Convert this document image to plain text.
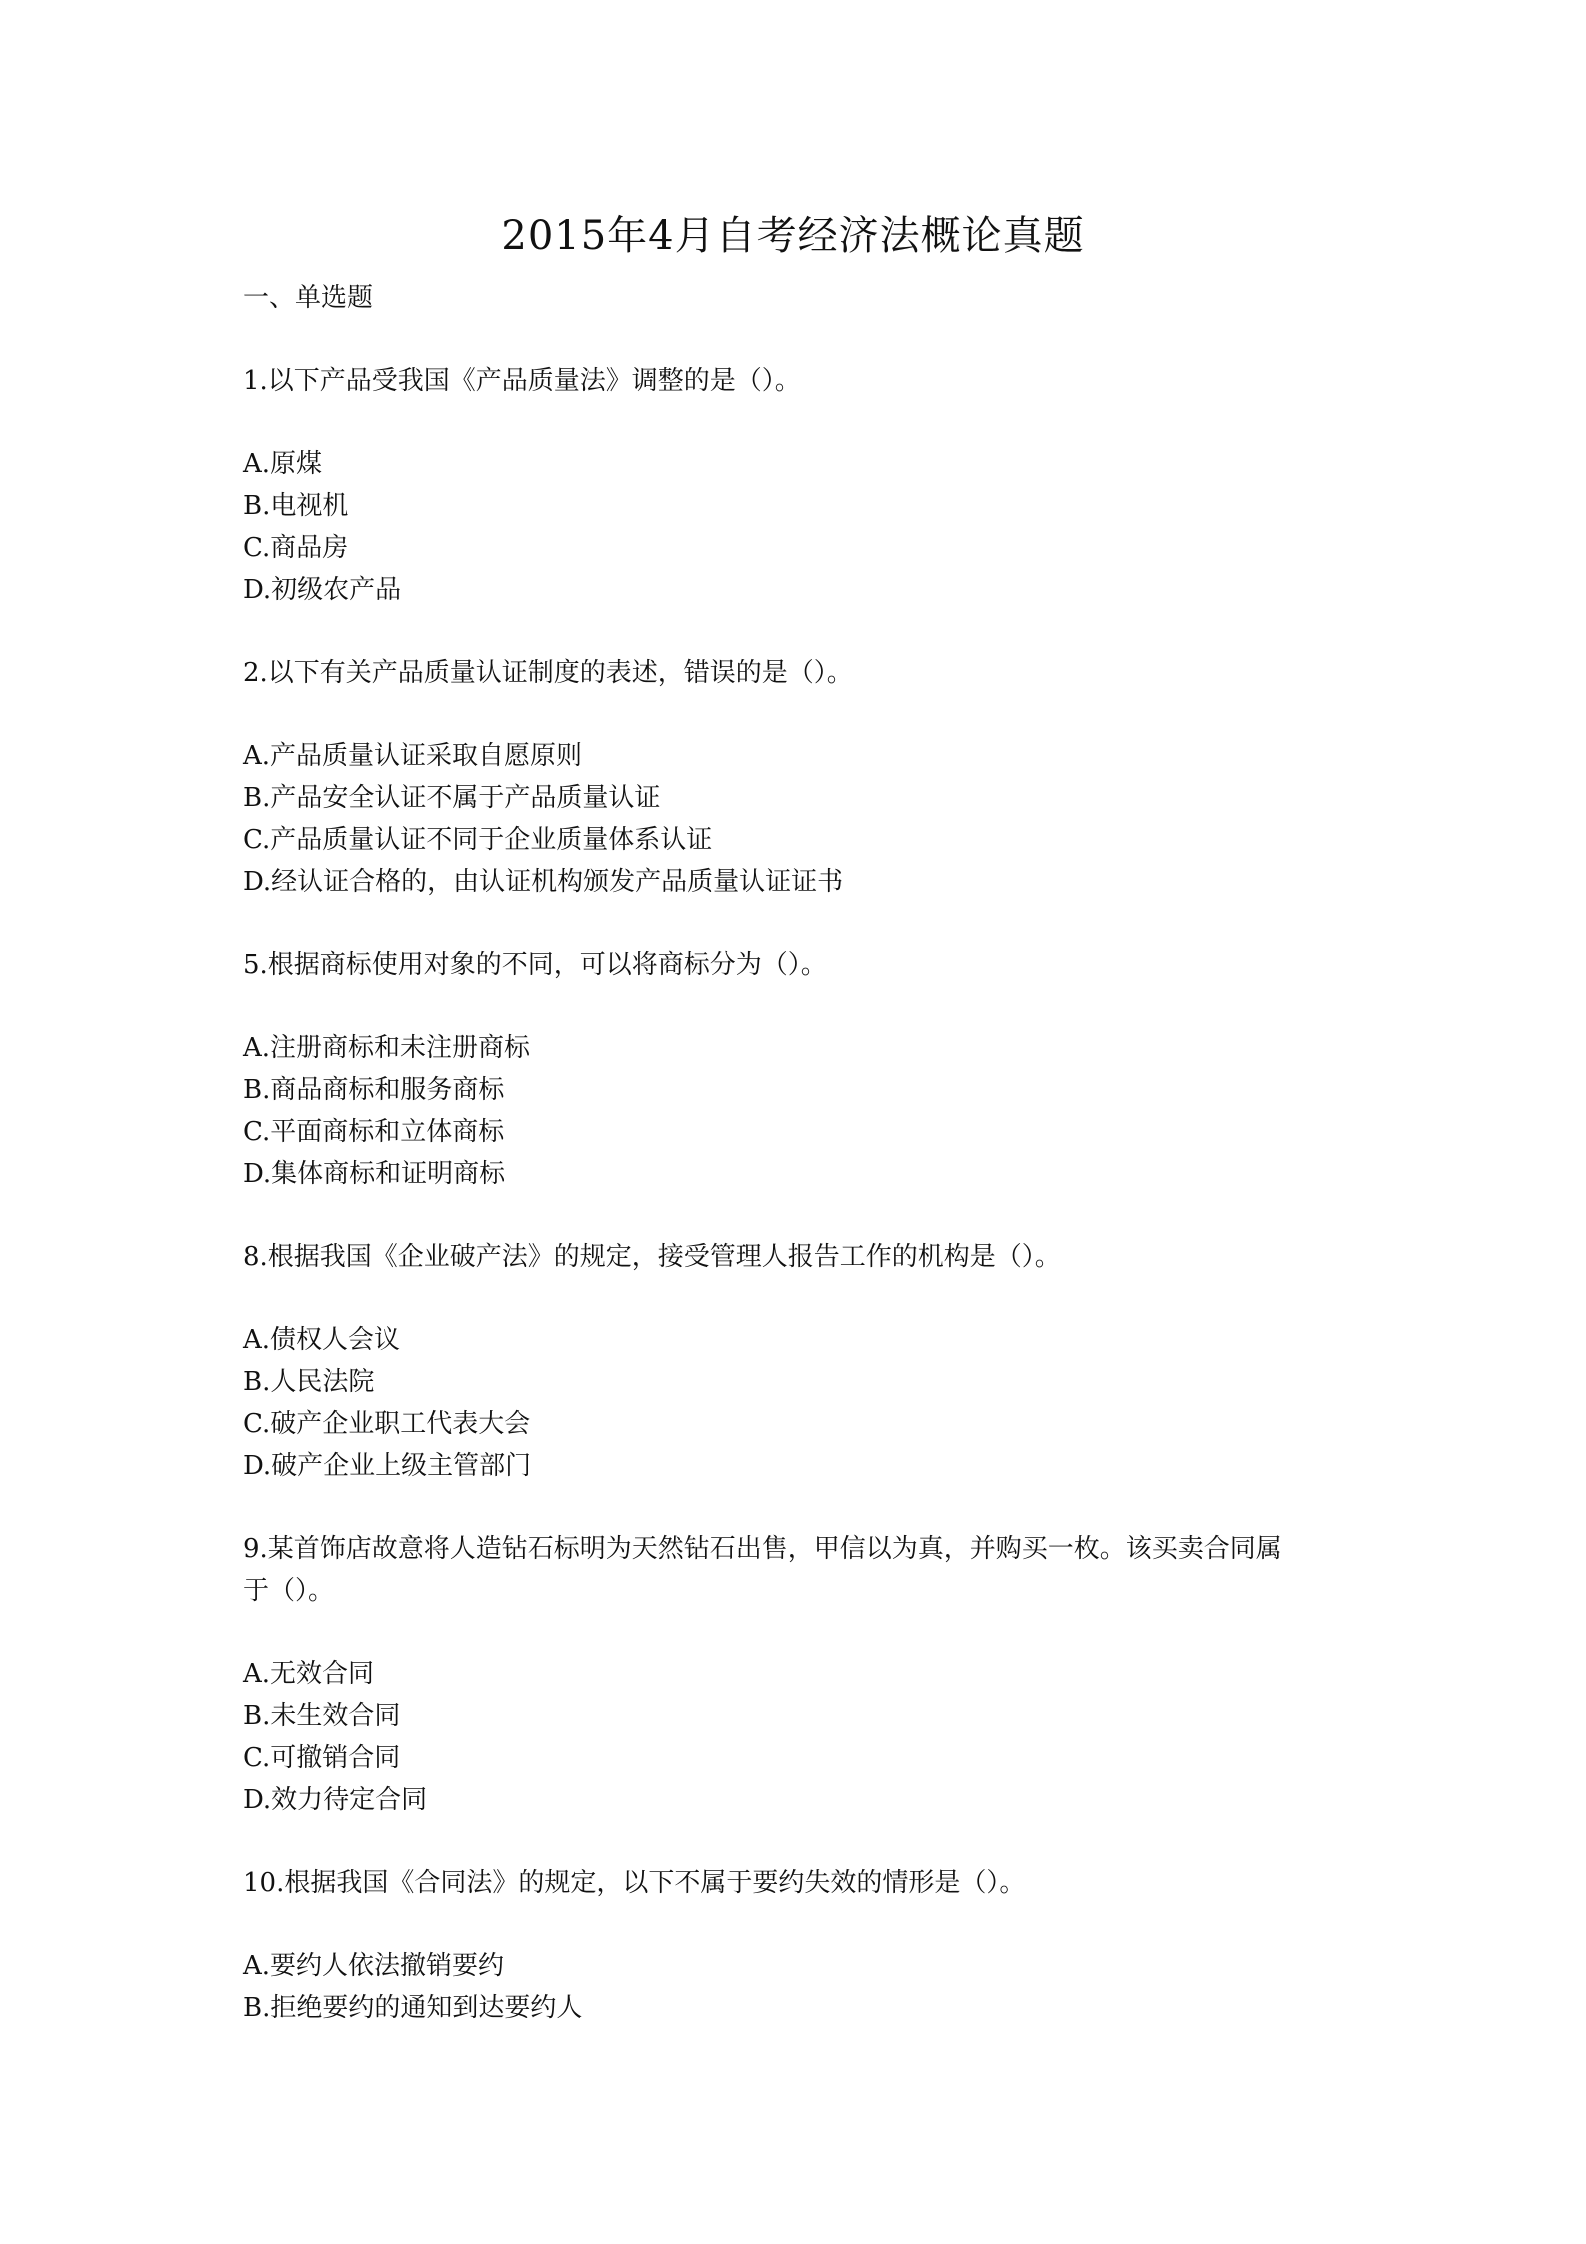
2015年4月自考经济法概论真题
一、单选题
1.以下产品受我国《产品质量法》调整的是（）。
A.原煤
B.电视机
C.商品房
D.初级农产品
2.以下有关产品质量认证制度的表述，错误的是（）。
A.产品质量认证采取自愿原则
B.产品安全认证不属于产品质量认证
C.产品质量认证不同于企业质量体系认证
D.经认证合格的，由认证机构颁发产品质量认证证书
5.根据商标使用对象的不同，可以将商标分为（）。
A.注册商标和未注册商标
B.商品商标和服务商标
C.平面商标和立体商标
D.集体商标和证明商标
8.根据我国《企业破产法》的规定，接受管理人报告工作的机构是（）。
A.债权人会议
B.人民法院
C.破产企业职工代表大会
D.破产企业上级主管部门
9.某首饰店故意将人造钻石标明为天然钻石出售，甲信以为真，并购买一枚。该买卖合同属
于（）。
A.无效合同
B.未生效合同
C.可撤销合同
D.效力待定合同
10.根据我国《合同法》的规定，以下不属于要约失效的情形是（）。
A.要约人依法撤销要约
B.拒绝要约的通知到达要约人
